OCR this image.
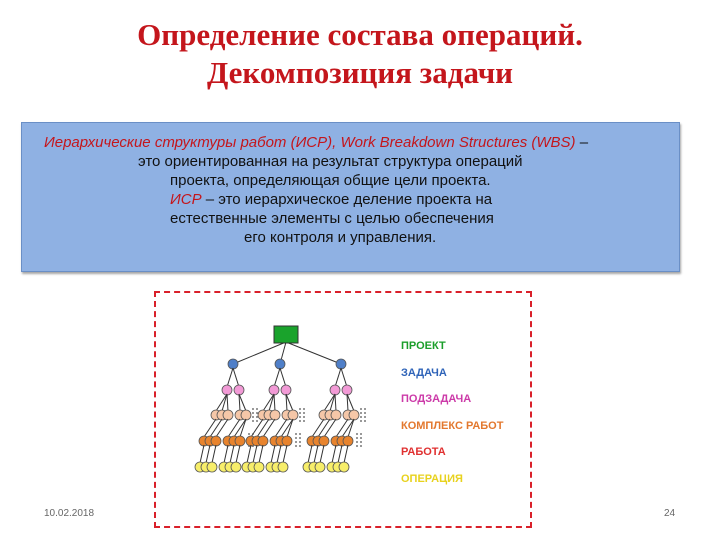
Определение состава операций.
Декомпозиция задачи
Иерархические структуры работ (ИСР), Work Breakdown Structures (WBS) –
это ориентированная на результат структура операций
проекта, определяющая общие цели проекта.
ИСР – это иерархическое деление проекта на
естественные элементы с целью обеспечения
его контроля и управления.
ПРОЕКТ
ЗАДАЧА
ПОДЗАДАЧА
КОМПЛЕКС РАБОТ
РАБОТА
ОПЕРАЦИЯ
10.02.2018	24
